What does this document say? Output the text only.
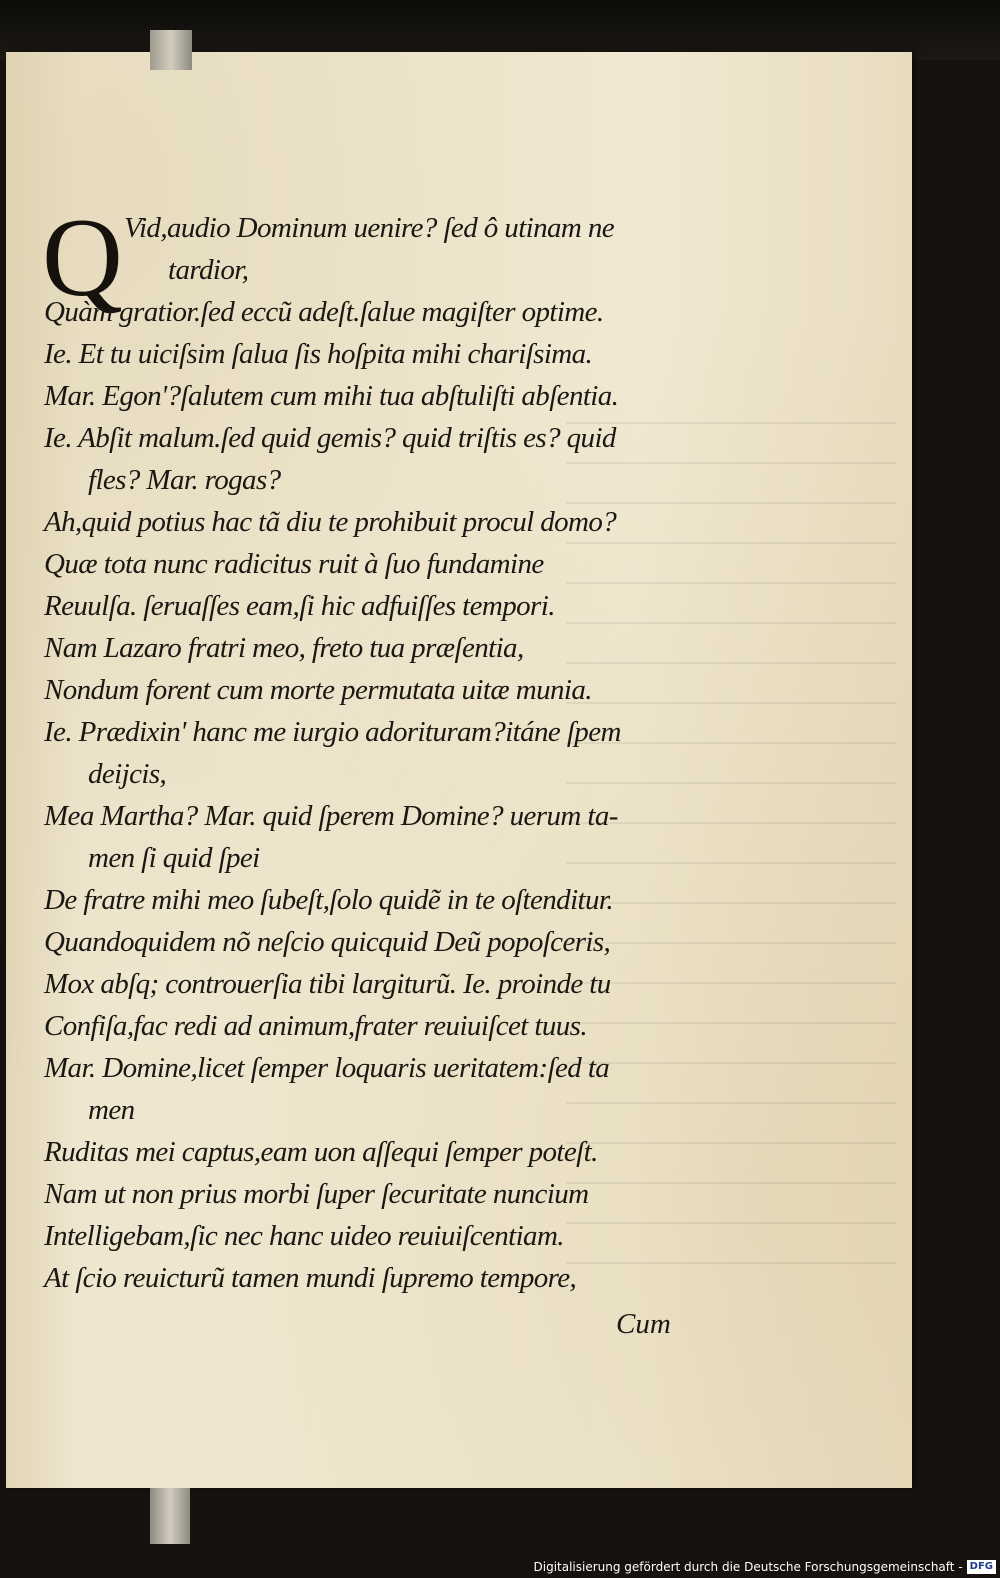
Q Vid,audio Dominum uenire? ſed ô utinam ne
tardior,
Quàm gratior.ſed eccũ adeſt.ſalue magiſter optime.
Ie. Et tu uiciſsim ſalua ſis hoſpita mihi chariſsima.
Mar. Egon'?ſalutem cum mihi tua abſtuliſti abſentia.
Ie. Abſit malum.ſed quid gemis? quid triſtis es? quid
fles? Mar. rogas?
Ah,quid potius hac tã diu te prohibuit procul domo?
Quæ tota nunc radicitus ruit à ſuo fundamine
Reuulſa. ſeruaſſes eam,ſi hic adfuiſſes tempori.
Nam Lazaro fratri meo, freto tua præſentia,
Nondum forent cum morte permutata uitæ munia.
Ie. Prædixin' hanc me iurgio adorituram?itáne ſpem
deiјcis,
Mea Martha? Mar. quid ſperem Domine? uerum ta-
men ſi quid ſpei
De fratre mihi meo ſubeſt,ſolo quidẽ in te oſtenditur.
Quandoquidem nõ neſcio quicquid Deũ popoſceris,
Mox abſq; controuerſia tibi largiturũ. Ie. proinde tu
Confiſa,fac redi ad animum,frater reuiuiſcet tuus.
Mar. Domine,licet ſemper loquaris ueritatem:ſed ta
men
Ruditas mei captus,eam uon aſſequi ſemper poteſt.
Nam ut non prius morbi ſuper ſecuritate nuncium
Intelligebam,ſic nec hanc uideo reuiuiſcentiam.
At ſcio reuicturũ tamen mundi ſupremo tempore,
Cum
Digitalisierung gefördert durch die Deutsche Forschungsgemeinschaft - DFG
